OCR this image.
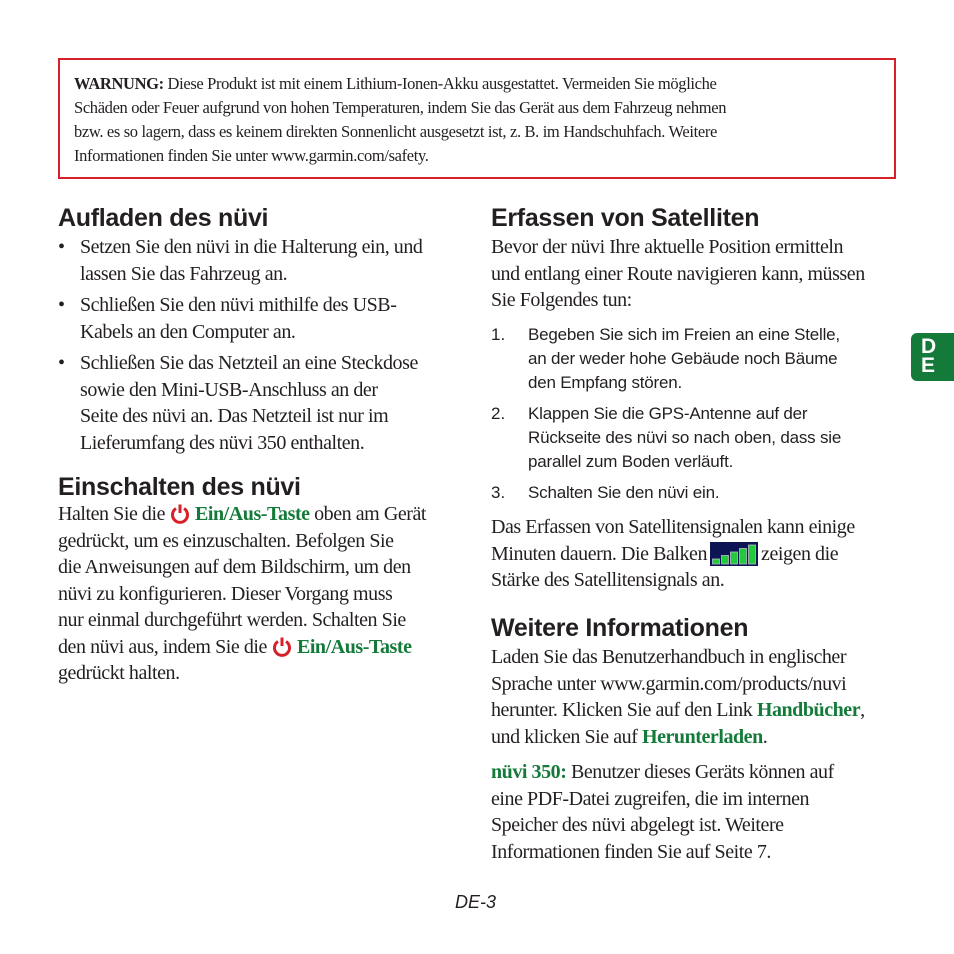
WARNUNG: Diese Produkt ist mit einem Lithium-Ionen-Akku ausgestattet. Vermeiden Sie mögliche
Schäden oder Feuer aufgrund von hohen Temperaturen, indem Sie das Gerät aus dem Fahrzeug nehmen
bzw. es so lagern, dass es keinem direkten Sonnenlicht ausgesetzt ist, z. B. im Handschuhfach. Weitere
Informationen finden Sie unter www.garmin.com/safety.
Aufladen des nüvi
• Setzen Sie den nüvi in die Halterung ein, und
lassen Sie das Fahrzeug an.
• Schließen Sie den nüvi mithilfe des USB-
Kabels an den Computer an.
• Schließen Sie das Netzteil an eine Steckdose
sowie den Mini-USB-Anschluss an der
Seite des nüvi an. Das Netzteil ist nur im
Lieferumfang des nüvi 350 enthalten.
Einschalten des nüvi
Halten Sie die Ein/Aus-Taste oben am Gerät
gedrückt, um es einzuschalten. Befolgen Sie
die Anweisungen auf dem Bildschirm, um den
nüvi zu konfigurieren. Dieser Vorgang muss
nur einmal durchgeführt werden. Schalten Sie
den nüvi aus, indem Sie die Ein/Aus-Taste
gedrückt halten.
Erfassen von Satelliten
Bevor der nüvi Ihre aktuelle Position ermitteln
und entlang einer Route navigieren kann, müssen
Sie Folgendes tun:
1. Begeben Sie sich im Freien an eine Stelle,
an der weder hohe Gebäude noch Bäume
den Empfang stören.
2. Klappen Sie die GPS-Antenne auf der
Rückseite des nüvi so nach oben, dass sie
parallel zum Boden verläuft.
3. Schalten Sie den nüvi ein.
Das Erfassen von Satellitensignalen kann einige
Minuten dauern. Die Balken	zeigen die
Stärke des Satellitensignals an.
Weitere Informationen
Laden Sie das Benutzerhandbuch in englischer
Sprache unter www.garmin.com/products/nuvi
herunter. Klicken Sie auf den Link Handbücher,
und klicken Sie auf Herunterladen.
nüvi 350: Benutzer dieses Geräts können auf
eine PDF-Datei zugreifen, die im internen
Speicher des nüvi abgelegt ist. Weitere
Informationen finden Sie auf Seite 7.
D
E
DE-3
